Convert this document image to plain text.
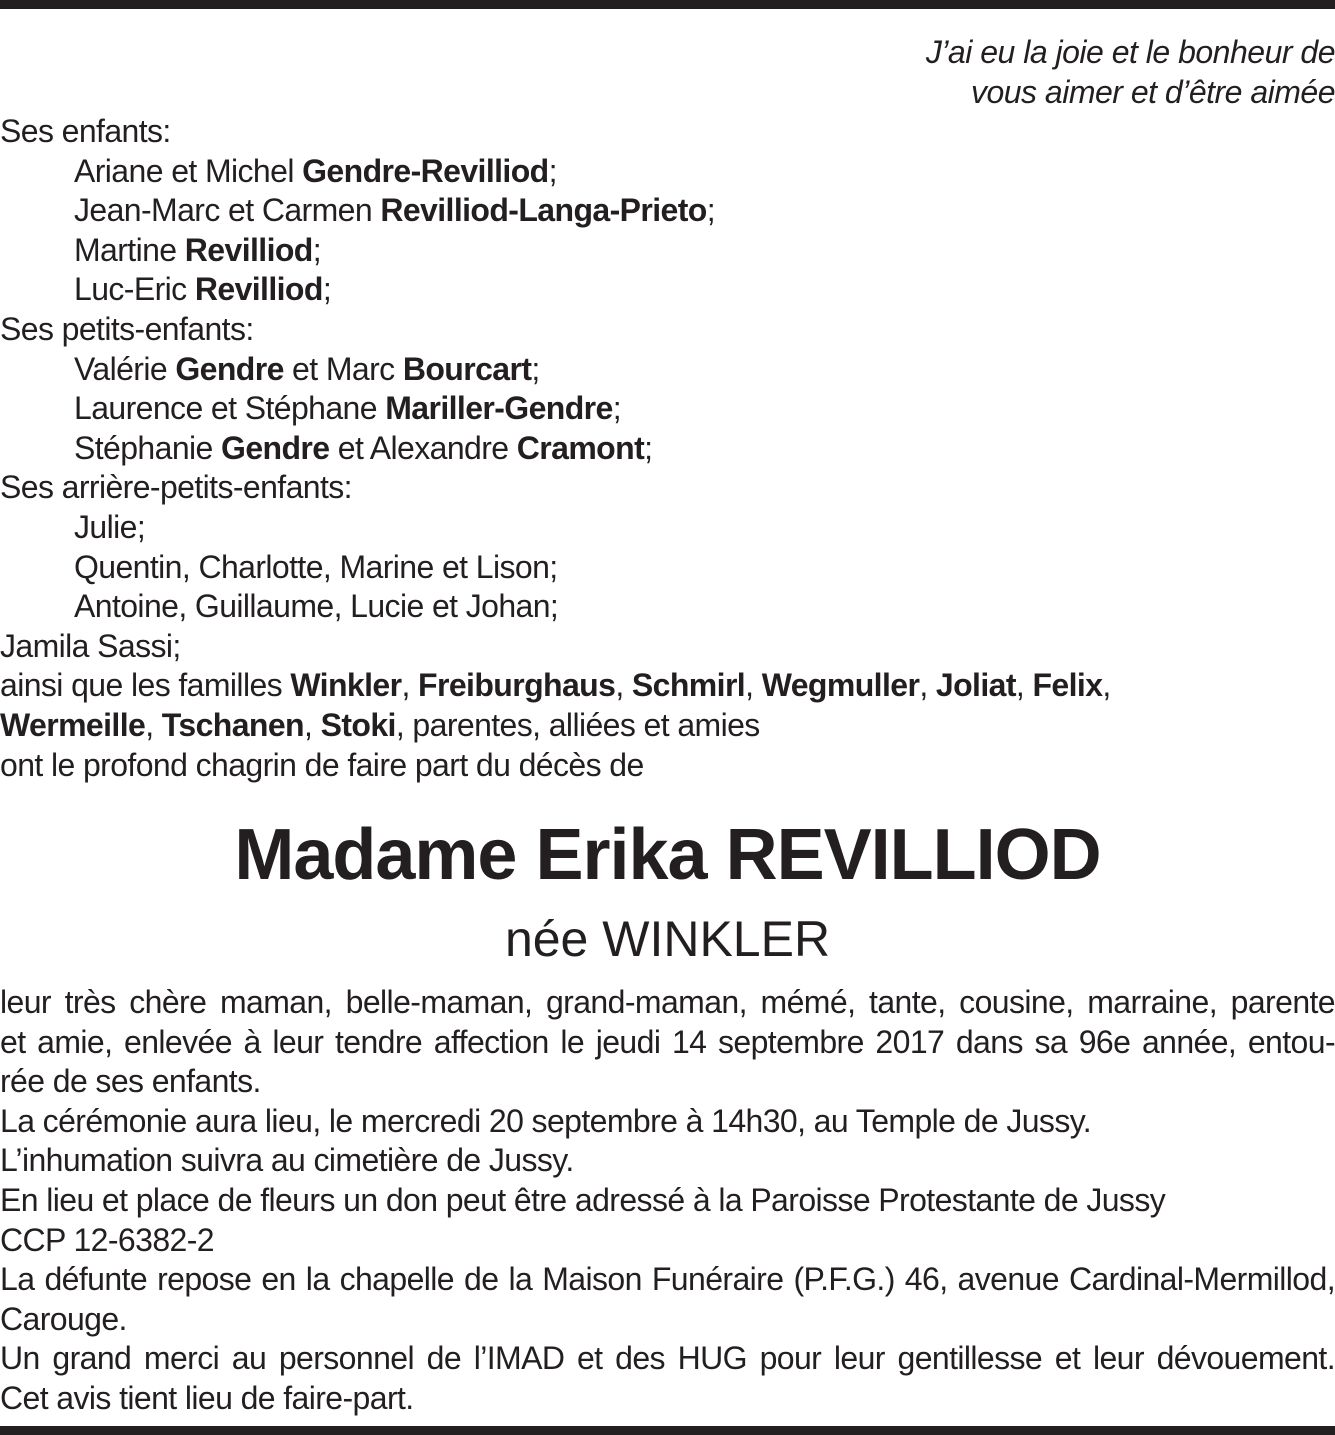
J’ai eu la joie et le bonheur de
vous aimer et d’être aimée
Ses enfants:
Ariane et Michel Gendre-Revilliod;
Jean-Marc et Carmen Revilliod-Langa-Prieto;
Martine Revilliod;
Luc-Eric Revilliod;
Ses petits-enfants:
Valérie Gendre et Marc Bourcart;
Laurence et Stéphane Mariller-Gendre;
Stéphanie Gendre et Alexandre Cramont;
Ses arrière-petits-enfants:
Julie;
Quentin, Charlotte, Marine et Lison;
Antoine, Guillaume, Lucie et Johan;
Jamila Sassi;
ainsi que les familles Winkler, Freiburghaus, Schmirl, Wegmuller, Joliat, Felix,
Wermeille, Tschanen, Stoki, parentes, alliées et amies
ont le profond chagrin de faire part du décès de
Madame Erika REVILLIOD
née WINKLER
leur très chère maman, belle-maman, grand-maman, mémé, tante, cousine, marraine, parente
et amie, enlevée à leur tendre affection le jeudi 14 septembre 2017 dans sa 96e année, entou-
rée de ses enfants.
La cérémonie aura lieu, le mercredi 20 septembre à 14h30, au Temple de Jussy.
L’inhumation suivra au cimetière de Jussy.
En lieu et place de fleurs un don peut être adressé à la Paroisse Protestante de Jussy
CCP 12-6382-2
La défunte repose en la chapelle de la Maison Funéraire (P.F.G.) 46, avenue Cardinal-Mermillod,
Carouge.
Un grand merci au personnel de l’IMAD et des HUG pour leur gentillesse et leur dévouement.
Cet avis tient lieu de faire-part.
